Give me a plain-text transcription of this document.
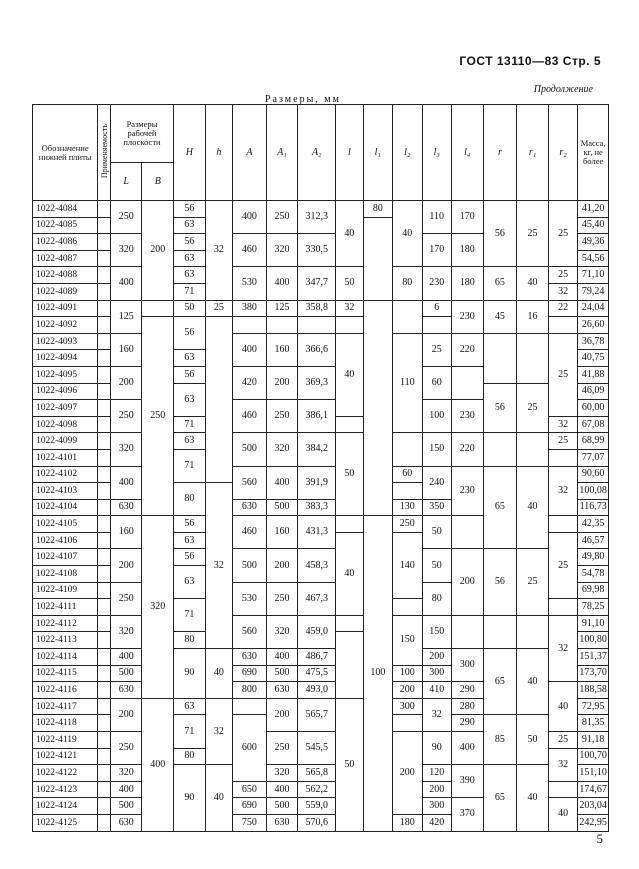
ГОСТ 13110—83 Стр. 5
Продолжение
Размеры, мм
Обозначение нижней плиты	Применяемость	Размеры рабочей плоскости		H	h	A	A₁	A₂	l	l₁	l₂	l₃	l₄	r	r₁	r₂	Масса, кг, не более
		L	B														
1022-4084		250	200	56	32	400	250	312,3	40	80	40	110	170	56	25	25	41,20
1022-4085				63													45,40
1022-4086		320		56		460	320	330,5				170	180				49,36
1022-4087				63													54,56
1022-4088		400		63		530	400	347,7	50		80	230	180	65	40	25	71,10
1022-4089				71												32	79,24
1022-4091		125		50	25	380	125	358,8	32			6	230	45	16	22	24,04
1022-4092			250	56													26,60
1022-4093		160				400	160	366,6	40		110	25	220			25	36,78
1022-4094				63													40,75
1022-4095		200		56		420	200	369,3				60					41,88
1022-4096				63										56	25		46,09
1022-4097		250				460	250	386,1				100	230				60,00
1022-4098				71												32	67,08
1022-4099		320		63		500	320	384,2	50			150	220			25	68,99
1022-4101				71													77,07
1022-4102		400				560	400	391,9			60	240	230	65	40	32	90,60
1022-4103				80	32												100,08
1022-4104		630				630	500	383,3			130	350					116,73
1022-4105		160	320	56		460	160	431,3		100	250	50					42,35
1022-4106				63					40		140					25	46,57
1022-4107		200		56		500	200	458,3				50	200	56	25		49,80
1022-4108				63													54,78
1022-4109		250				530	250	467,3				80					69,98
1022-4111				71													78,25
1022-4112		320				560	320	459,0			150	150				32	91,10
1022-4113				80													100,80
1022-4114		400		90	40	630	400	486,7				200	300	65	40		151,37
1022-4115		500				690	500	475,5			100	300					173,70
1022-4116		630				800	630	493,0			200	410	290			40	188,58
1022-4117		200	400	63	32		200	565,7	50		300	32	280				72,95
1022-4118				71		600							290	85	50		81,35
1022-4119		250					250	545,5			200	90	400			25	91,18
1022-4121				80												32	100,70
1022-4122		320		90	40		320	565,8				120	390	65	40		151,10
1022-4123		400				650	400	562,2				200					174,67
1022-4124		500				690	500	559,0				300	370			40	203,04
1022-4125		630				750	630	570,6			180	420					242,95
5
